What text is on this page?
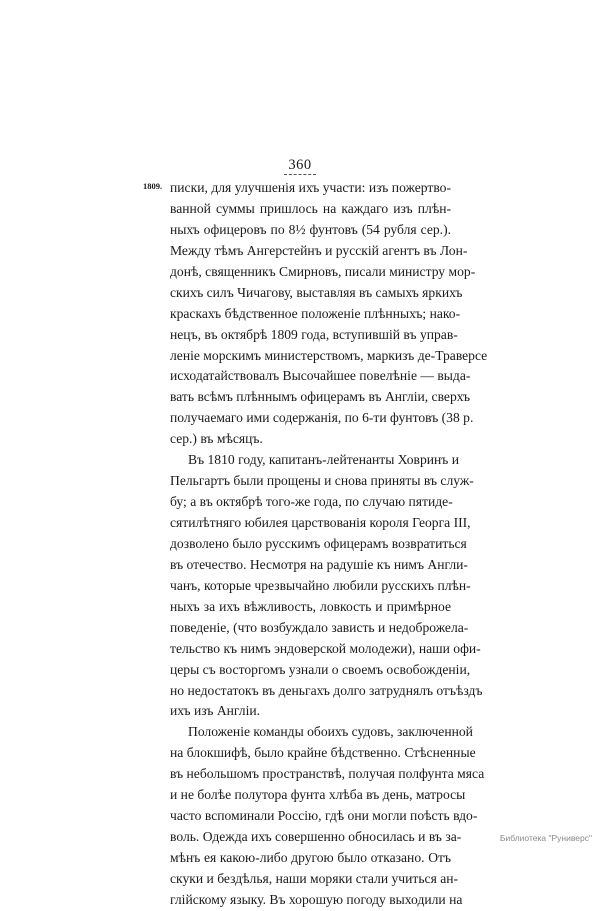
360
1809. писки, для улучшенія ихъ участи: изъ пожертво-
ванной суммы пришлось на каждаго изъ плѣн-
ныхъ офицеровъ по 8½ фунтовъ (54 рубля сер.).
Между тѣмъ Ангерстейнъ и русскій агентъ въ Лон-
донѣ, священникъ Смирновъ, писали министру мор-
скихъ силъ Чичагову, выставляя въ самыхъ яркихъ
краскахъ бѣдственное положеніе плѣнныхъ; нако-
нецъ, въ октябрѣ 1809 года, вступившій въ управ-
леніе морскимъ министерствомъ, маркизъ де-Траверсе
исходатайствовалъ Высочайшее повелѣніе — выда-
вать всѣмъ плѣннымъ офицерамъ въ Англіи, сверхъ
получаемаго ими содержанія, по 6-ти фунтовъ (38 р.
сер.) въ мѣсяцъ.
Въ 1810 году, капитанъ-лейтенанты Ховринъ и
Пельгартъ были прощены и снова приняты въ служ-
бу; а въ октябрѣ того-же года, по случаю пятиде-
сятилѣтняго юбилея царствованія короля Георга III,
дозволено было русскимъ офицерамъ возвратиться
въ отечество. Несмотря на радушіе къ нимъ Англи-
чанъ, которые чрезвычайно любили русскихъ плѣн-
ныхъ за ихъ вѣжливость, ловкость и примѣрное
поведеніе, (что возбуждало зависть и недоброжела-
тельство къ нимъ эндоверской молодежи), наши офи-
церы съ восторгомъ узнали о своемъ освобожденіи,
но недостатокъ въ деньгахъ долго затруднялъ отъѣздъ
ихъ изъ Англіи.
Положеніе команды обоихъ судовъ, заключенной
на блокшифѣ, было крайне бѣдственно. Стѣсненные
въ небольшомъ пространствѣ, получая полфунта мяса
и не болѣе полутора фунта хлѣба въ день, матросы
часто вспоминали Россію, гдѣ они могли поѣсть вдо-
воль. Одежда ихъ совершенно обносилась и въ за-
мѣнъ ея какою-либо другою было отказано. Отъ
скуки и бездѣлья, наши моряки стали учиться ан-
глійскому языку. Въ хорошую погоду выходили на
Библиотека "Руниверс"
